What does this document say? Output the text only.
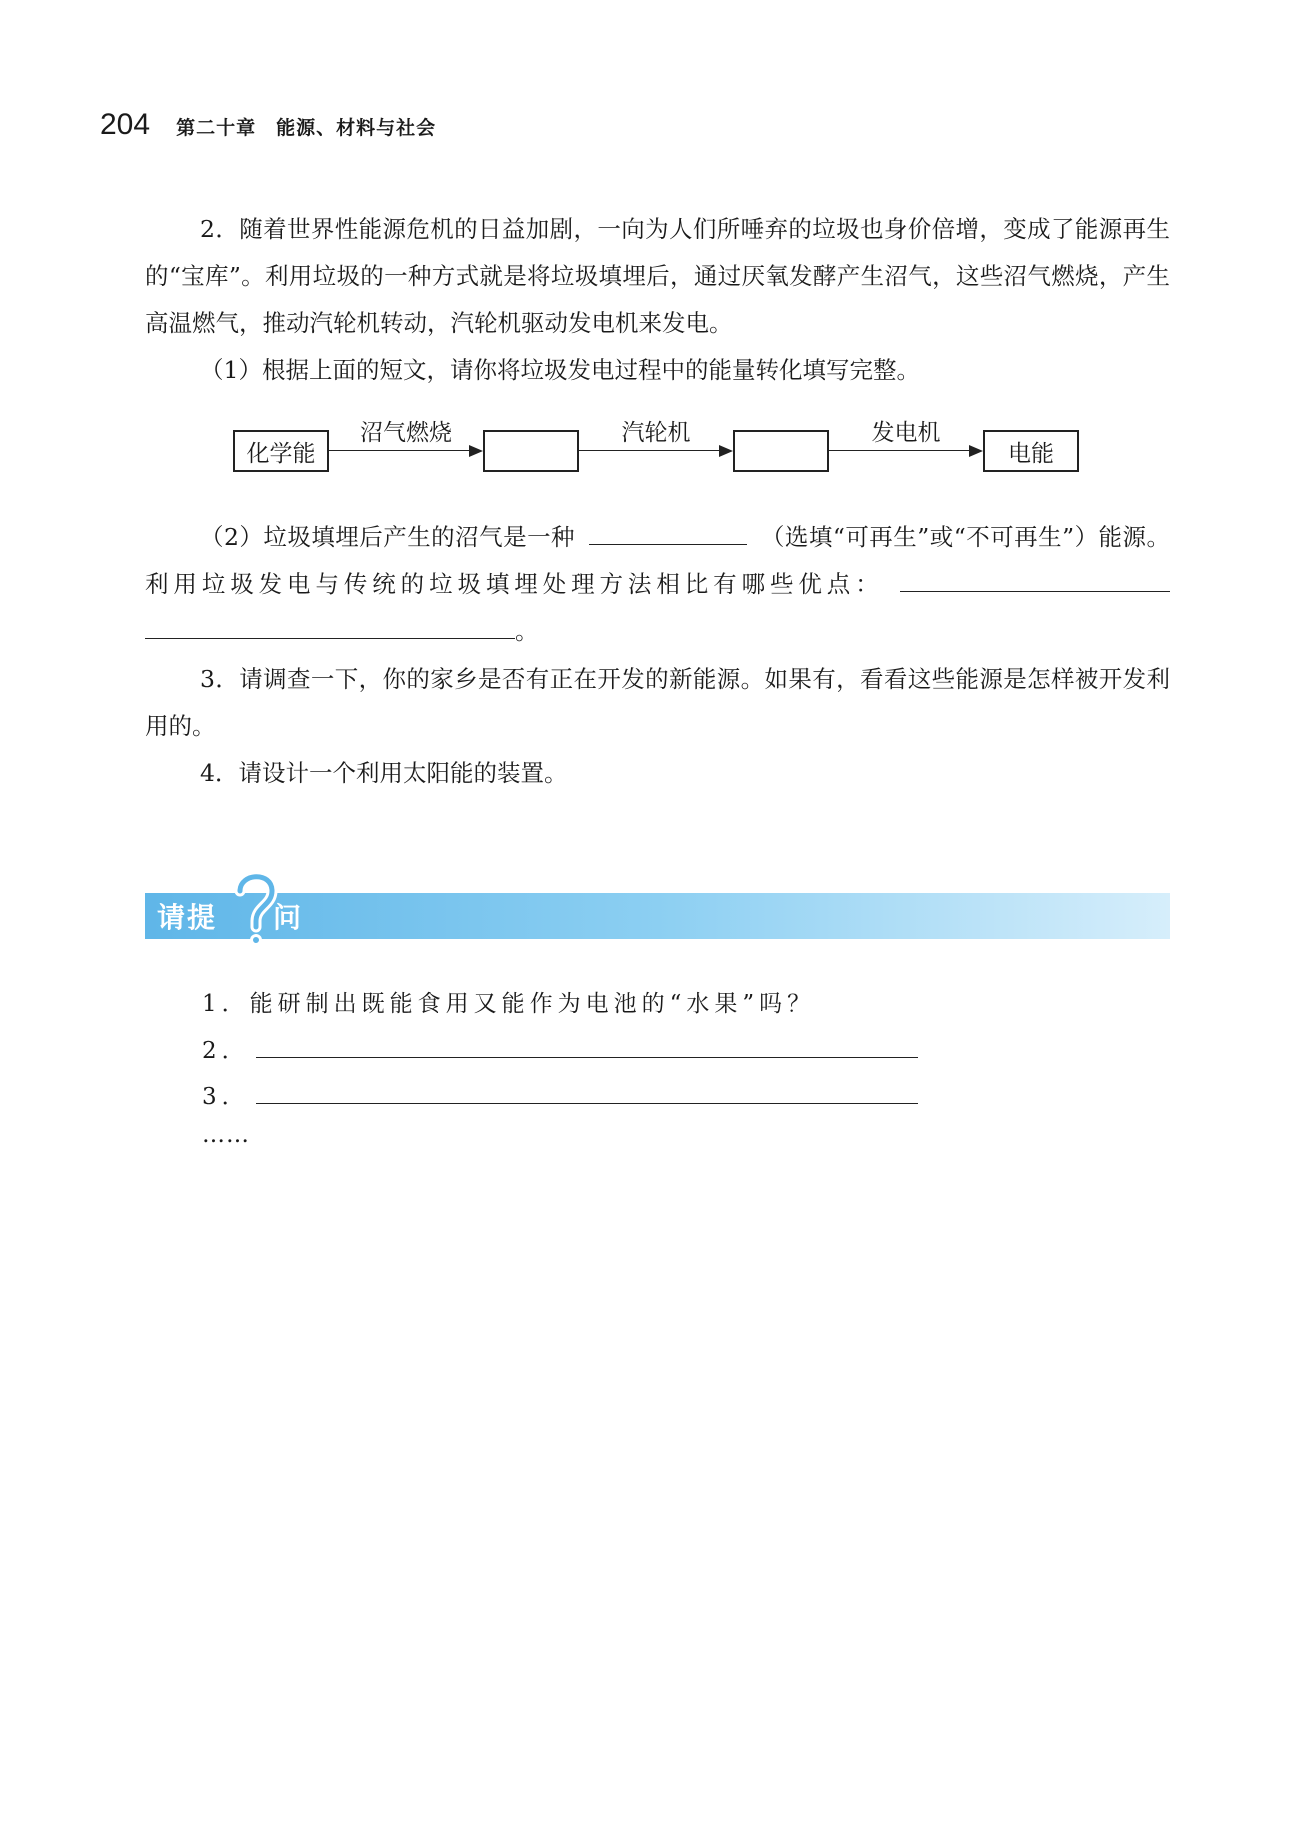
204 第二十章　能源、材料与社会
2．随着世界性能源危机的日益加剧，一向为人们所唾弃的垃圾也身价倍增，变成了能源再生的“宝库”。利用垃圾的一种方式就是将垃圾填埋后，通过厌氧发酵产生沼气，这些沼气燃烧，产生高温燃气，推动汽轮机转动，汽轮机驱动发电机来发电。
（1）根据上面的短文，请你将垃圾发电过程中的能量转化填写完整。
化学能
沼气燃烧	汽轮机	发电机
电能
（2）垃圾填埋后产生的沼气是一种	（选填“可再生”或“不可再生”）能源。利用垃圾发电与传统的垃圾填埋处理方法相比有哪些优点：  。
3．请调查一下，你的家乡是否有正在开发的新能源。如果有，看看这些能源是怎样被开发利用的。
4．请设计一个利用太阳能的装置。
请提 问
1．能研制出既能食用又能作为电池的“水果”吗？
2．
3．
……
